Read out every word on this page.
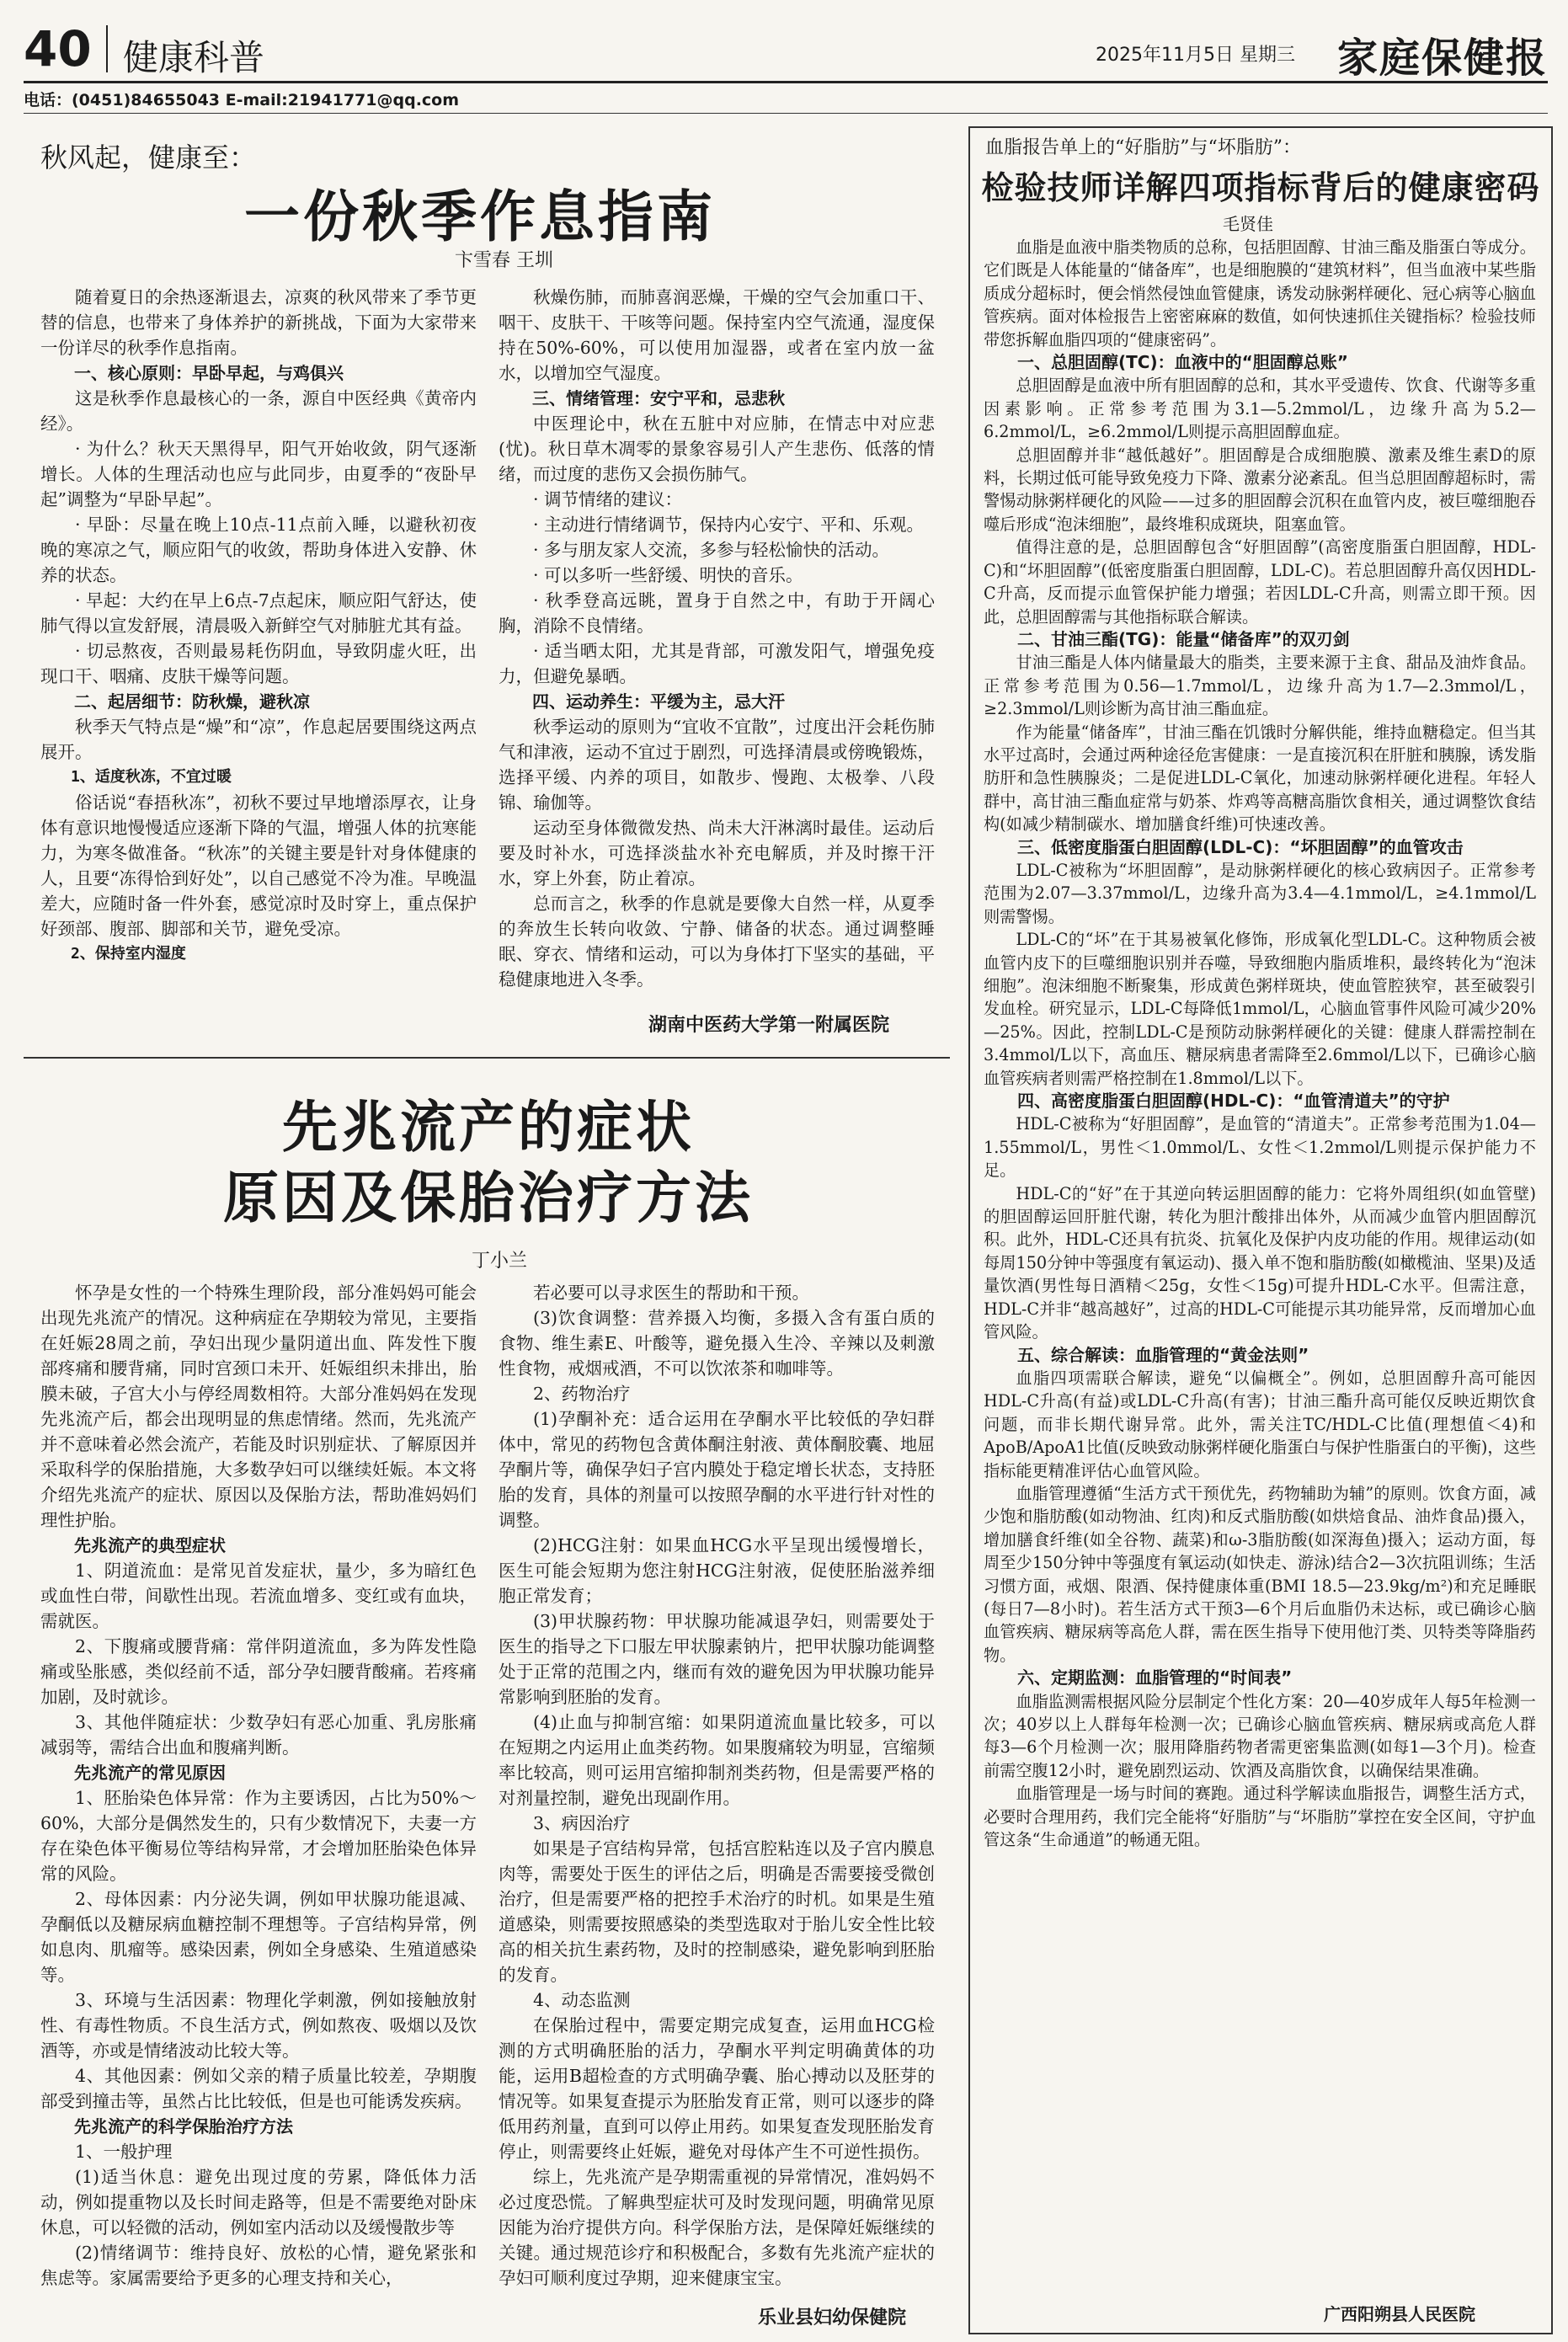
40 健康科普	2025年11月5日 星期三 家庭保健报
电话：(0451)84655043 E-mail:21941771@qq.com
秋风起，健康至：
一份秋季作息指南
卞雪春 王圳

随着夏日的余热逐渐退去，凉爽的秋风带来了季节更替的信息，也带来了身体养护的新挑战，下面为大家带来一份详尽的秋季作息指南。

一、核心原则：早卧早起，与鸡俱兴

这是秋季作息最核心的一条，源自中医经典《黄帝内经》。

· 为什么？秋天天黑得早，阳气开始收敛，阴气逐渐增长。人体的生理活动也应与此同步，由夏季的“夜卧早起”调整为“早卧早起”。

· 早卧：尽量在晚上10点-11点前入睡，以避秋初夜晚的寒凉之气，顺应阳气的收敛，帮助身体进入安静、休养的状态。

· 早起：大约在早上6点-7点起床，顺应阳气舒达，使肺气得以宣发舒展，清晨吸入新鲜空气对肺脏尤其有益。

· 切忌熬夜，否则最易耗伤阴血，导致阴虚火旺，出现口干、咽痛、皮肤干燥等问题。

二、起居细节：防秋燥，避秋凉

秋季天气特点是“燥”和“凉”，作息起居要围绕这两点展开。

1、适度秋冻，不宜过暖

俗话说“春捂秋冻”，初秋不要过早地增添厚衣，让身体有意识地慢慢适应逐渐下降的气温，增强人体的抗寒能力，为寒冬做准备。“秋冻”的关键主要是针对身体健康的人，且要“冻得恰到好处”，以自己感觉不冷为准。早晚温差大，应随时备一件外套，感觉凉时及时穿上，重点保护好颈部、腹部、脚部和关节，避免受凉。

2、保持室内湿度

秋燥伤肺，而肺喜润恶燥，干燥的空气会加重口干、咽干、皮肤干、干咳等问题。保持室内空气流通，湿度保持在50%-60%，可以使用加湿器，或者在室内放一盆水，以增加空气湿度。

三、情绪管理：安宁平和，忌悲秋

中医理论中，秋在五脏中对应肺，在情志中对应悲(忧)。秋日草木凋零的景象容易引人产生悲伤、低落的情绪，而过度的悲伤又会损伤肺气。

· 调节情绪的建议：

· 主动进行情绪调节，保持内心安宁、平和、乐观。

· 多与朋友家人交流，多参与轻松愉快的活动。

· 可以多听一些舒缓、明快的音乐。

· 秋季登高远眺，置身于自然之中，有助于开阔心胸，消除不良情绪。

· 适当晒太阳，尤其是背部，可激发阳气，增强免疫力，但避免暴晒。

四、运动养生：平缓为主，忌大汗

秋季运动的原则为“宜收不宜散”，过度出汗会耗伤肺气和津液，运动不宜过于剧烈，可选择清晨或傍晚锻炼，选择平缓、内养的项目，如散步、慢跑、太极拳、八段锦、瑜伽等。

运动至身体微微发热、尚未大汗淋漓时最佳。运动后要及时补水，可选择淡盐水补充电解质，并及时擦干汗水，穿上外套，防止着凉。

总而言之，秋季的作息就是要像大自然一样，从夏季的奔放生长转向收敛、宁静、储备的状态。通过调整睡眠、穿衣、情绪和运动，可以为身体打下坚实的基础，平稳健康地进入冬季。

湖南中医药大学第一附属医院
先兆流产的症状
原因及保胎治疗方法
丁小兰

怀孕是女性的一个特殊生理阶段，部分准妈妈可能会出现先兆流产的情况。这种病症在孕期较为常见，主要指在妊娠28周之前，孕妇出现少量阴道出血、阵发性下腹部疼痛和腰背痛，同时宫颈口未开、妊娠组织未排出，胎膜未破，子宫大小与停经周数相符。大部分准妈妈在发现先兆流产后，都会出现明显的焦虑情绪。然而，先兆流产并不意味着必然会流产，若能及时识别症状、了解原因并采取科学的保胎措施，大多数孕妇可以继续妊娠。本文将介绍先兆流产的症状、原因以及保胎方法，帮助准妈妈们理性护胎。

先兆流产的典型症状

1、阴道流血：是常见首发症状，量少，多为暗红色或血性白带，间歇性出现。若流血增多、变红或有血块，需就医。

2、下腹痛或腰背痛：常伴阴道流血，多为阵发性隐痛或坠胀感，类似经前不适，部分孕妇腰背酸痛。若疼痛加剧，及时就诊。

3、其他伴随症状：少数孕妇有恶心加重、乳房胀痛减弱等，需结合出血和腹痛判断。

先兆流产的常见原因

1、胚胎染色体异常：作为主要诱因，占比为50%～60%，大部分是偶然发生的，只有少数情况下，夫妻一方存在染色体平衡易位等结构异常，才会增加胚胎染色体异常的风险。

2、母体因素：内分泌失调，例如甲状腺功能退减、孕酮低以及糖尿病血糖控制不理想等。子宫结构异常，例如息肉、肌瘤等。感染因素，例如全身感染、生殖道感染等。

3、环境与生活因素：物理化学刺激，例如接触放射性、有毒性物质。不良生活方式，例如熬夜、吸烟以及饮酒等，亦或是情绪波动比较大等。

4、其他因素：例如父亲的精子质量比较差，孕期腹部受到撞击等，虽然占比比较低，但是也可能诱发疾病。

先兆流产的科学保胎治疗方法

1、一般护理

(1)适当休息：避免出现过度的劳累，降低体力活动，例如提重物以及长时间走路等，但是不需要绝对卧床休息，可以轻微的活动，例如室内活动以及缓慢散步等

(2)情绪调节：维持良好、放松的心情，避免紧张和焦虑等。家属需要给予更多的心理支持和关心，

若必要可以寻求医生的帮助和干预。

(3)饮食调整：营养摄入均衡，多摄入含有蛋白质的食物、维生素E、叶酸等，避免摄入生冷、辛辣以及刺激性食物，戒烟戒酒，不可以饮浓茶和咖啡等。

2、药物治疗

(1)孕酮补充：适合运用在孕酮水平比较低的孕妇群体中，常见的药物包含黄体酮注射液、黄体酮胶囊、地屈孕酮片等，确保孕妇子宫内膜处于稳定增长状态，支持胚胎的发育，具体的剂量可以按照孕酮的水平进行针对性的调整。

(2)HCG注射：如果血HCG水平呈现出缓慢增长，医生可能会短期为您注射HCG注射液，促使胚胎滋养细胞正常发育；

(3)甲状腺药物：甲状腺功能减退孕妇，则需要处于医生的指导之下口服左甲状腺素钠片，把甲状腺功能调整处于正常的范围之内，继而有效的避免因为甲状腺功能异常影响到胚胎的发育。

(4)止血与抑制宫缩：如果阴道流血量比较多，可以在短期之内运用止血类药物。如果腹痛较为明显，宫缩频率比较高，则可运用宫缩抑制剂类药物，但是需要严格的对剂量控制，避免出现副作用。

3、病因治疗

如果是子宫结构异常，包括宫腔粘连以及子宫内膜息肉等，需要处于医生的评估之后，明确是否需要接受微创治疗，但是需要严格的把控手术治疗的时机。如果是生殖道感染，则需要按照感染的类型选取对于胎儿安全性比较高的相关抗生素药物，及时的控制感染，避免影响到胚胎的发育。

4、动态监测

在保胎过程中，需要定期完成复查，运用血HCG检测的方式明确胚胎的活力，孕酮水平判定明确黄体的功能，运用B超检查的方式明确孕囊、胎心搏动以及胚芽的情况等。如果复查提示为胚胎发育正常，则可以逐步的降低用药剂量，直到可以停止用药。如果复查发现胚胎发育停止，则需要终止妊娠，避免对母体产生不可逆性损伤。

综上，先兆流产是孕期需重视的异常情况，准妈妈不必过度恐慌。了解典型症状可及时发现问题，明确常见原因能为治疗提供方向。科学保胎方法，是保障妊娠继续的关键。通过规范诊疗和积极配合，多数有先兆流产症状的孕妇可顺利度过孕期，迎来健康宝宝。

乐业县妇幼保健院
血脂报告单上的“好脂肪”与“坏脂肪”：
检验技师详解四项指标背后的健康密码
毛贤佳

血脂是血液中脂类物质的总称，包括胆固醇、甘油三酯及脂蛋白等成分。它们既是人体能量的“储备库”，也是细胞膜的“建筑材料”，但当血液中某些脂质成分超标时，便会悄然侵蚀血管健康，诱发动脉粥样硬化、冠心病等心脑血管疾病。面对体检报告上密密麻麻的数值，如何快速抓住关键指标？检验技师带您拆解血脂四项的“健康密码”。

一、总胆固醇(TC)：血液中的“胆固醇总账”

总胆固醇是血液中所有胆固醇的总和，其水平受遗传、饮食、代谢等多重因素影响。正常参考范围为3.1—5.2mmol/L，边缘升高为5.2—6.2mmol/L，≥6.2mmol/L则提示高胆固醇血症。

总胆固醇并非“越低越好”。胆固醇是合成细胞膜、激素及维生素D的原料，长期过低可能导致免疫力下降、激素分泌紊乱。但当总胆固醇超标时，需警惕动脉粥样硬化的风险——过多的胆固醇会沉积在血管内皮，被巨噬细胞吞噬后形成“泡沫细胞”，最终堆积成斑块，阻塞血管。

值得注意的是，总胆固醇包含“好胆固醇”(高密度脂蛋白胆固醇，HDL-C)和“坏胆固醇”(低密度脂蛋白胆固醇，LDL-C)。若总胆固醇升高仅因HDL-C升高，反而提示血管保护能力增强；若因LDL-C升高，则需立即干预。因此，总胆固醇需与其他指标联合解读。

二、甘油三酯(TG)：能量“储备库”的双刃剑

甘油三酯是人体内储量最大的脂类，主要来源于主食、甜品及油炸食品。正常参考范围为0.56—1.7mmol/L，边缘升高为1.7—2.3mmol/L，≥2.3mmol/L则诊断为高甘油三酯血症。

作为能量“储备库”，甘油三酯在饥饿时分解供能，维持血糖稳定。但当其水平过高时，会通过两种途径危害健康：一是直接沉积在肝脏和胰腺，诱发脂肪肝和急性胰腺炎；二是促进LDL-C氧化，加速动脉粥样硬化进程。年轻人群中，高甘油三酯血症常与奶茶、炸鸡等高糖高脂饮食相关，通过调整饮食结构(如减少精制碳水、增加膳食纤维)可快速改善。

三、低密度脂蛋白胆固醇(LDL-C)：“坏胆固醇”的血管攻击

LDL-C被称为“坏胆固醇”，是动脉粥样硬化的核心致病因子。正常参考范围为2.07—3.37mmol/L，边缘升高为3.4—4.1mmol/L，≥4.1mmol/L则需警惕。

LDL-C的“坏”在于其易被氧化修饰，形成氧化型LDL-C。这种物质会被血管内皮下的巨噬细胞识别并吞噬，导致细胞内脂质堆积，最终转化为“泡沫细胞”。泡沫细胞不断聚集，形成黄色粥样斑块，使血管腔狭窄，甚至破裂引发血栓。研究显示，LDL-C每降低1mmol/L，心脑血管事件风险可减少20%—25%。因此，控制LDL-C是预防动脉粥样硬化的关键：健康人群需控制在3.4mmol/L以下，高血压、糖尿病患者需降至2.6mmol/L以下，已确诊心脑血管疾病者则需严格控制在1.8mmol/L以下。

四、高密度脂蛋白胆固醇(HDL-C)：“血管清道夫”的守护

HDL-C被称为“好胆固醇”，是血管的“清道夫”。正常参考范围为1.04—1.55mmol/L，男性＜1.0mmol/L、女性＜1.2mmol/L则提示保护能力不足。

HDL-C的“好”在于其逆向转运胆固醇的能力：它将外周组织(如血管壁)的胆固醇运回肝脏代谢，转化为胆汁酸排出体外，从而减少血管内胆固醇沉积。此外，HDL-C还具有抗炎、抗氧化及保护内皮功能的作用。规律运动(如每周150分钟中等强度有氧运动)、摄入单不饱和脂肪酸(如橄榄油、坚果)及适量饮酒(男性每日酒精＜25g，女性＜15g)可提升HDL-C水平。但需注意，HDL-C并非“越高越好”，过高的HDL-C可能提示其功能异常，反而增加心血管风险。

五、综合解读：血脂管理的“黄金法则”

血脂四项需联合解读，避免“以偏概全”。例如，总胆固醇升高可能因HDL-C升高(有益)或LDL-C升高(有害)；甘油三酯升高可能仅反映近期饮食问题，而非长期代谢异常。此外，需关注TC/HDL-C比值(理想值＜4)和ApoB/ApoA1比值(反映致动脉粥样硬化脂蛋白与保护性脂蛋白的平衡)，这些指标能更精准评估心血管风险。

血脂管理遵循“生活方式干预优先，药物辅助为辅”的原则。饮食方面，减少饱和脂肪酸(如动物油、红肉)和反式脂肪酸(如烘焙食品、油炸食品)摄入，增加膳食纤维(如全谷物、蔬菜)和ω-3脂肪酸(如深海鱼)摄入；运动方面，每周至少150分钟中等强度有氧运动(如快走、游泳)结合2—3次抗阻训练；生活习惯方面，戒烟、限酒、保持健康体重(BMI 18.5—23.9kg/m²)和充足睡眠(每日7—8小时)。若生活方式干预3—6个月后血脂仍未达标，或已确诊心脑血管疾病、糖尿病等高危人群，需在医生指导下使用他汀类、贝特类等降脂药物。

六、定期监测：血脂管理的“时间表”

血脂监测需根据风险分层制定个性化方案：20—40岁成年人每5年检测一次；40岁以上人群每年检测一次；已确诊心脑血管疾病、糖尿病或高危人群每3—6个月检测一次；服用降脂药物者需更密集监测(如每1—3个月)。检查前需空腹12小时，避免剧烈运动、饮酒及高脂饮食，以确保结果准确。

血脂管理是一场与时间的赛跑。通过科学解读血脂报告，调整生活方式，必要时合理用药，我们完全能将“好脂肪”与“坏脂肪”掌控在安全区间，守护血管这条“生命通道”的畅通无阻。

广西阳朔县人民医院
